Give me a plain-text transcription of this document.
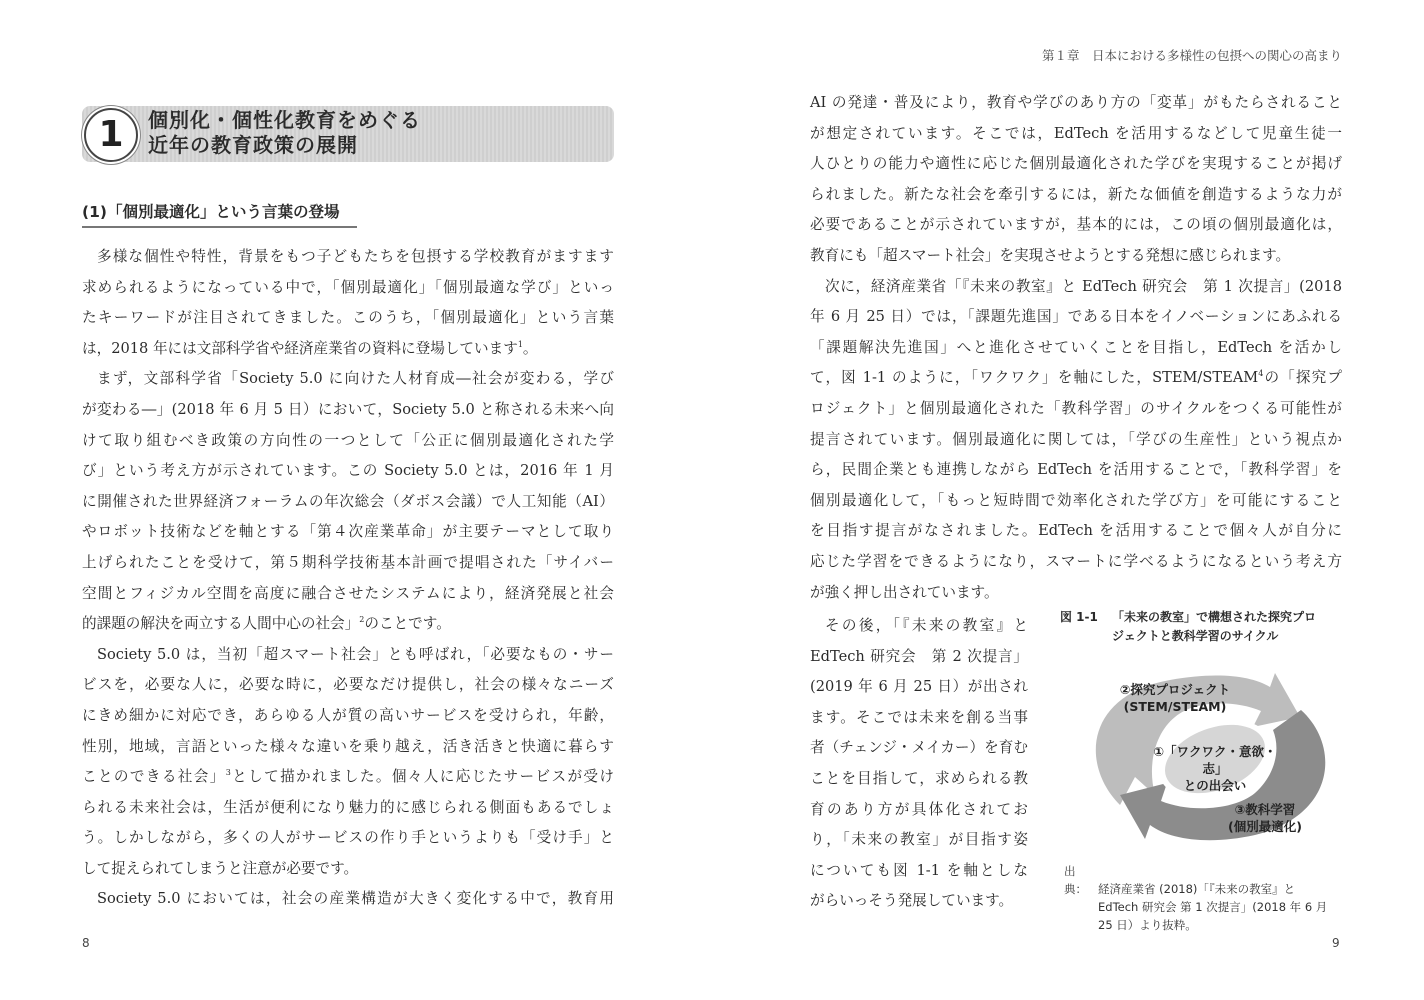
1	個別化・個性化教育をめぐる
近年の教育政策の展開
(1)「個別最適化」という言葉の登場
多様な個性や特性，背景をもつ子どもたちを包摂する学校教育がますます
求められるようになっている中で，「個別最適化」「個別最適な学び」といっ
たキーワードが注目されてきました。このうち，「個別最適化」という言葉
は，2018 年には文部科学省や経済産業省の資料に登場しています$^1$。
まず，文部科学省「Society 5.0 に向けた人材育成―社会が変わる，学び
が変わる―」(2018 年 6 月 5 日）において，Society 5.0 と称される未来へ向
けて取り組むべき政策の方向性の一つとして「公正に個別最適化された学
び」という考え方が示されています。この Society 5.0 とは，2016 年 1 月
に開催された世界経済フォーラムの年次総会（ダボス会議）で人工知能（AI）
やロボット技術などを軸とする「第４次産業革命」が主要テーマとして取り
上げられたことを受けて，第５期科学技術基本計画で提唱された「サイバー
空間とフィジカル空間を高度に融合させたシステムにより，経済発展と社会
的課題の解決を両立する人間中心の社会」$^2$のことです。
Society 5.0 は，当初「超スマート社会」とも呼ばれ，「必要なもの・サー
ビスを，必要な人に，必要な時に，必要なだけ提供し，社会の様々なニーズ
にきめ細かに対応でき，あらゆる人が質の高いサービスを受けられ，年齢，
性別，地域，言語といった様々な違いを乗り越え，活き活きと快適に暮らす
ことのできる社会」$^3$として描かれました。個々人に応じたサービスが受け
られる未来社会は，生活が便利になり魅力的に感じられる側面もあるでしょ
う。しかしながら，多くの人がサービスの作り手というよりも「受け手」と
して捉えられてしまうと注意が必要です。
Society 5.0 においては，社会の産業構造が大きく変化する中で，教育用
8
第１章　日本における多様性の包摂への関心の高まり
AI の発達・普及により，教育や学びのあり方の「変革」がもたらされること
が想定されています。そこでは，EdTech を活用するなどして児童生徒一
人ひとりの能力や適性に応じた個別最適化された学びを実現することが掲げ
られました。新たな社会を牽引するには，新たな価値を創造するような力が
必要であることが示されていますが，基本的には，この頃の個別最適化は，
教育にも「超スマート社会」を実現させようとする発想に感じられます。
次に，経済産業省「『未来の教室』と EdTech 研究会　第 1 次提言」(2018
年 6 月 25 日）では，「課題先進国」である日本をイノベーションにあふれる
「課題解決先進国」へと進化させていくことを目指し，EdTech を活かし
て，図 1-1 のように，「ワクワク」を軸にした，STEM/STEAM$^4$の「探究プ
ロジェクト」と個別最適化された「教科学習」のサイクルをつくる可能性が
提言されています。個別最適化に関しては，「学びの生産性」という視点か
ら，民間企業とも連携しながら EdTech を活用することで，「教科学習」を
個別最適化して，「もっと短時間で効率化された学び方」を可能にすること
を目指す提言がなされました。EdTech を活用することで個々人が自分に
応じた学習をできるようになり，スマートに学べるようになるという考え方
が強く押し出されています。
その後，「『未来の教室』と
EdTech 研究会　第 2 次提言」
(2019 年 6 月 25 日）が出され
ます。そこでは未来を創る当事
者（チェンジ・メイカー）を育む
ことを目指して，求められる教
育のあり方が具体化されてお
り，「未来の教室」が目指す姿
についても図 1-1 を軸としな
がらいっそう発展しています。
図 1-1 「未来の教室」で構想された探究プロ
ジェクトと教科学習のサイクル
②探究プロジェクト
(STEM/STEAM)
①「ワクワク・意欲・志」
との出会い
③教科学習
(個別最適化)
出典： 経済産業省 (2018)「『未来の教室』と
EdTech 研究会 第 1 次提言」(2018 年 6 月
25 日）より抜粋。
9
